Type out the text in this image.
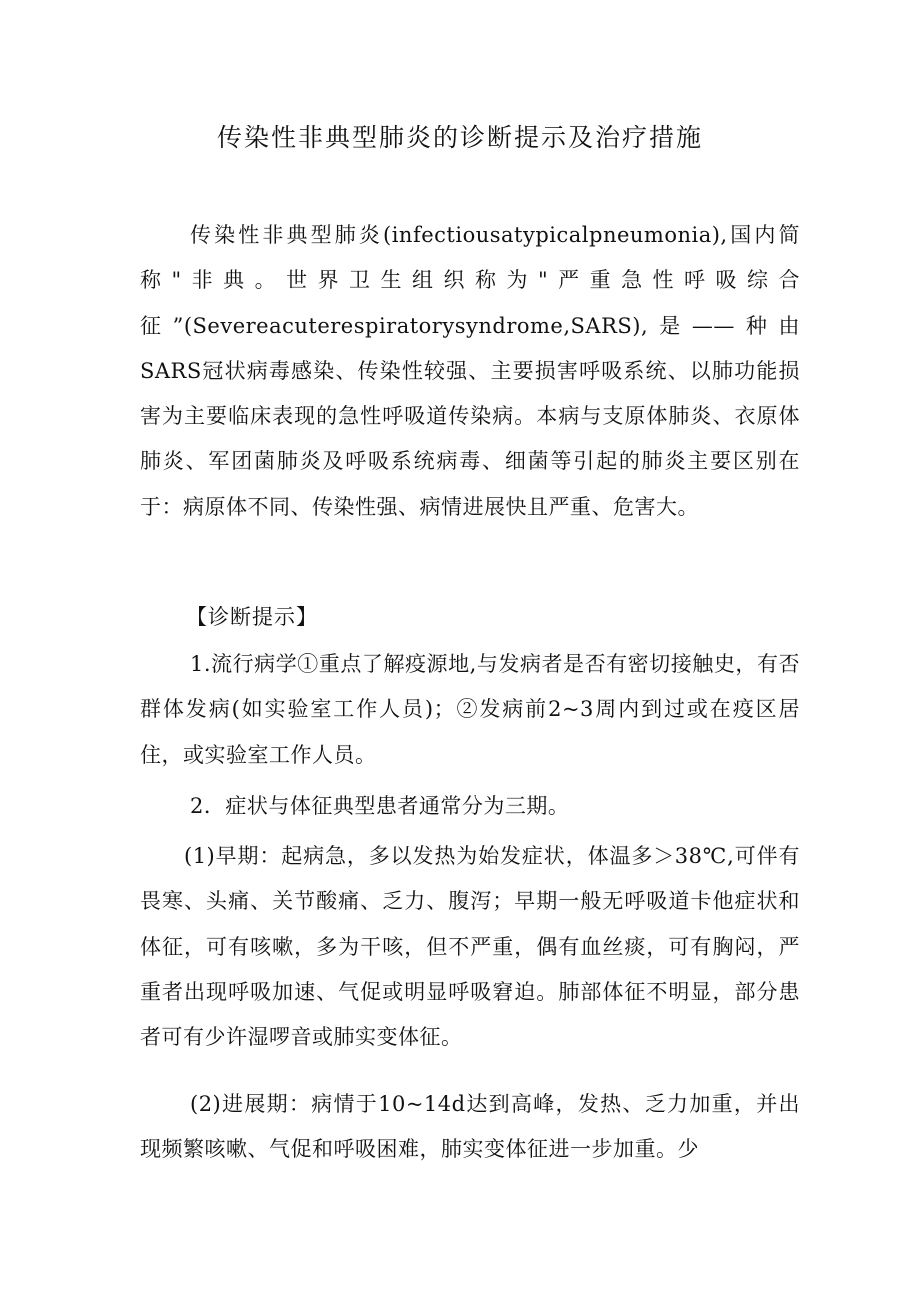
传染性非典型肺炎的诊断提示及治疗措施

传染性非典型肺炎(infectiousatypicalpneumonia),国内简称"非典。世界卫生组织称为"严重急性呼吸综合征”(Severeacuterespiratorysyndrome,SARS),是——种由SARS冠状病毒感染、传染性较强、主要损害呼吸系统、以肺功能损害为主要临床表现的急性呼吸道传染病。本病与支原体肺炎、衣原体肺炎、军团菌肺炎及呼吸系统病毒、细菌等引起的肺炎主要区别在于：病原体不同、传染性强、病情进展快且严重、危害大。

【诊断提示】

1.流行病学①重点了解疫源地,与发病者是否有密切接触史，有否群体发病(如实验室工作人员)；②发病前2~3周内到过或在疫区居住，或实验室工作人员。

2．症状与体征典型患者通常分为三期。

(1)早期：起病急，多以发热为始发症状，体温多＞38℃,可伴有畏寒、头痛、关节酸痛、乏力、腹泻；早期一般无呼吸道卡他症状和体征，可有咳嗽，多为干咳，但不严重，偶有血丝痰，可有胸闷，严重者出现呼吸加速、气促或明显呼吸窘迫。肺部体征不明显，部分患者可有少许湿啰音或肺实变体征。

(2)进展期：病情于10~14d达到高峰，发热、乏力加重，并出现频繁咳嗽、气促和呼吸困难，肺实变体征进一步加重。少
